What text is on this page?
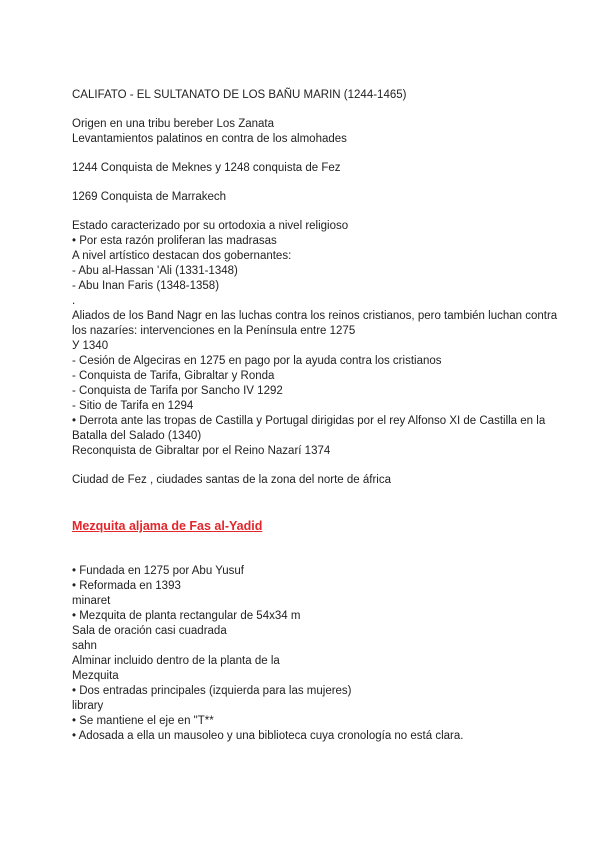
CALIFATO - EL SULTANATO DE LOS BAÑU MARIN (1244-1465)
Origen en una tribu bereber Los Zanata
Levantamientos palatinos en contra de los almohades
1244 Conquista de Meknes y 1248 conquista de Fez
1269 Conquista de Marrakech
Estado caracterizado por su ortodoxia a nivel religioso
• Por esta razón proliferan las madrasas
A nivel artístico destacan dos gobernantes:
- Abu al-Hassan 'Ali (1331-1348)
- Abu Inan Faris (1348-1358)
.
Aliados de los Band Nagr en las luchas contra los reinos cristianos, pero también luchan contra los nazaríes: intervenciones en la Península entre 1275
У 1340
- Cesión de Algeciras en 1275 en pago por la ayuda contra los cristianos
- Conquista de Tarifa, Gibraltar y Ronda
- Conquista de Tarifa por Sancho IV 1292
- Sitio de Tarifa en 1294
• Derrota ante las tropas de Castilla y Portugal dirigidas por el rey Alfonso XI de Castilla en la Batalla del Salado (1340)
Reconquista de Gibraltar por el Reino Nazarí 1374
Ciudad de Fez , ciudades santas de la zona del norte de áfrica
Mezquita aljama de Fas al-Yadid
• Fundada en 1275 por Abu Yusuf
• Reformada en 1393
minaret
• Mezquita de planta rectangular de 54x34 m
Sala de oración casi cuadrada
sahn
Alminar incluido dentro de la planta de la
Mezquita
• Dos entradas principales (izquierda para las mujeres)
library
• Se mantiene el eje en "T**
• Adosada a ella un mausoleo y una biblioteca cuya cronología no está clara.
